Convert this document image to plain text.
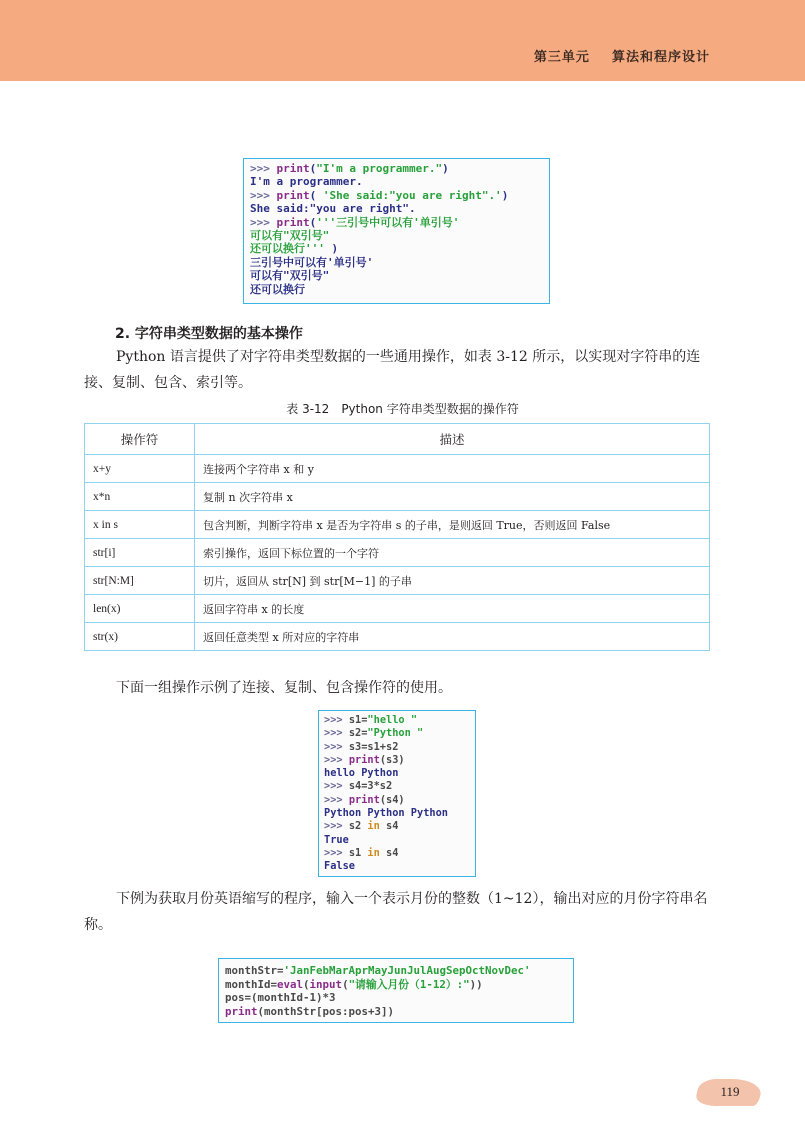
第三单元    算法和程序设计
>>> print("I'm a programmer.")
I'm a programmer.
>>> print( 'She said:"you are right".')
She said:"you are right".
>>> print('''三引号中可以有'单引号'
可以有"双引号"
还可以换行''' )
三引号中可以有'单引号'
可以有"双引号"
还可以换行
2. 字符串类型数据的基本操作
Python 语言提供了对字符串类型数据的一些通用操作，如表 3-12 所示，以实现对字符串的连接、复制、包含、索引等。
表 3-12　Python 字符串类型数据的操作符
操作符	描述
x+y	连接两个字符串 x 和 y
x*n	复制 n 次字符串 x
x in s	包含判断，判断字符串 x 是否为字符串 s 的子串，是则返回 True，否则返回 False
str[i]	索引操作，返回下标位置的一个字符
str[N:M]	切片，返回从 str[N] 到 str[M−1] 的子串
len(x)	返回字符串 x 的长度
str(x)	返回任意类型 x 所对应的字符串
下面一组操作示例了连接、复制、包含操作符的使用。
>>> s1="hello "
>>> s2="Python "
>>> s3=s1+s2
>>> print(s3)
hello Python
>>> s4=3*s2
>>> print(s4)
Python Python Python
>>> s2 in s4
True
>>> s1 in s4
False
下例为获取月份英语缩写的程序，输入一个表示月份的整数（1~12），输出对应的月份字符串名称。
monthStr='JanFebMarAprMayJunJulAugSepOctNovDec'
monthId=eval(input("请输入月份（1-12）:"))
pos=(monthId-1)*3
print(monthStr[pos:pos+3])
119
